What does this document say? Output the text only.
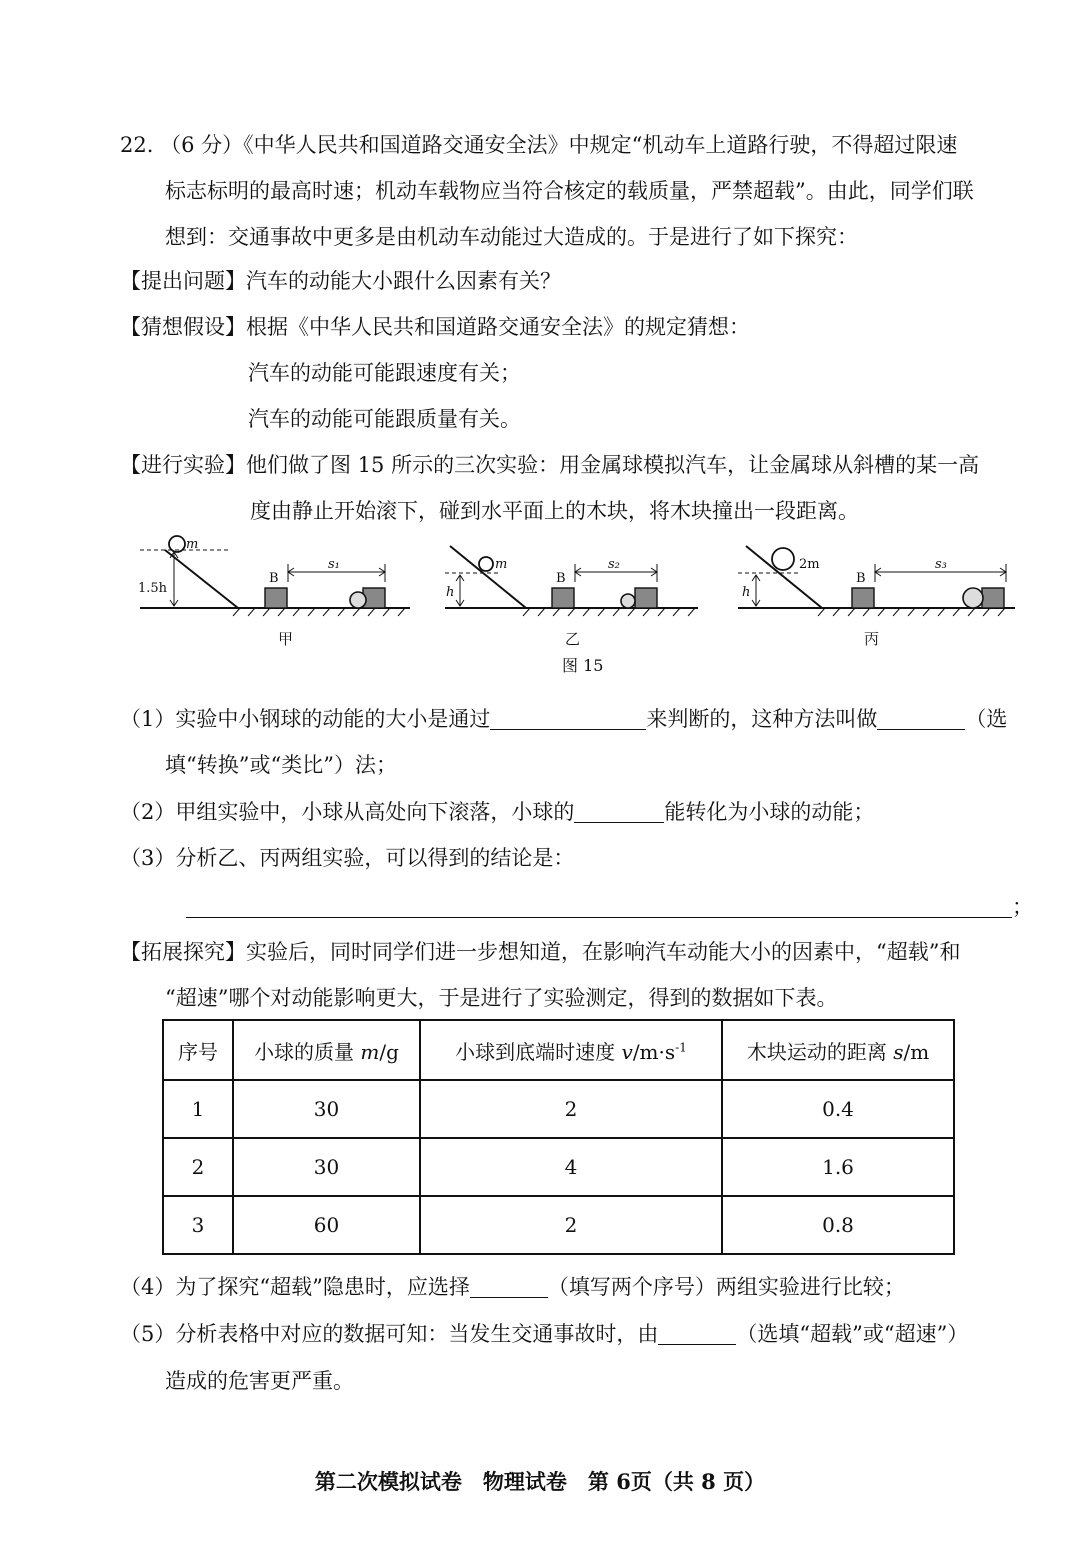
22. （6 分）《中华人民共和国道路交通安全法》中规定“机动车上道路行驶，不得超过限速
标志标明的最高时速；机动车载物应当符合核定的载质量，严禁超载”。由此，同学们联
想到：交通事故中更多是由机动车动能过大造成的。于是进行了如下探究：
【提出问题】汽车的动能大小跟什么因素有关？
【猜想假设】根据《中华人民共和国道路交通安全法》的规定猜想：
汽车的动能可能跟速度有关；
汽车的动能可能跟质量有关。
【进行实验】他们做了图 15 所示的三次实验：用金属球模拟汽车，让金属球从斜槽的某一高
度由静止开始滚下，碰到水平面上的木块，将木块撞出一段距离。
m
1.5h
B
s₁
甲
m
h
B
s₂
乙
2m
h
B
s₃
丙
图 15
（1）实验中小钢球的动能的大小是通过	来判断的，这种方法叫做	（选
填“转换”或“类比”）法；
（2）甲组实验中，小球从高处向下滚落，小球的	能转化为小球的动能；
（3）分析乙、丙两组实验，可以得到的结论是：
；
【拓展探究】实验后，同时同学们进一步想知道，在影响汽车动能大小的因素中，“超载”和
“超速”哪个对动能影响更大，于是进行了实验测定，得到的数据如下表。
序号	小球的质量 m/g	小球到底端时速度 $v/m\cdot s^{-1}$	木块运动的距离 s/m
1	30	2	0.4
2	30	4	1.6
3	60	2	0.8
（4）为了探究“超载”隐患时，应选择	（填写两个序号）两组实验进行比较；
（5）分析表格中对应的数据可知：当发生交通事故时，由	（选填“超载”或“超速”）
造成的危害更严重。
第二次模拟试卷　物理试卷　第 6页（共 8 页）
